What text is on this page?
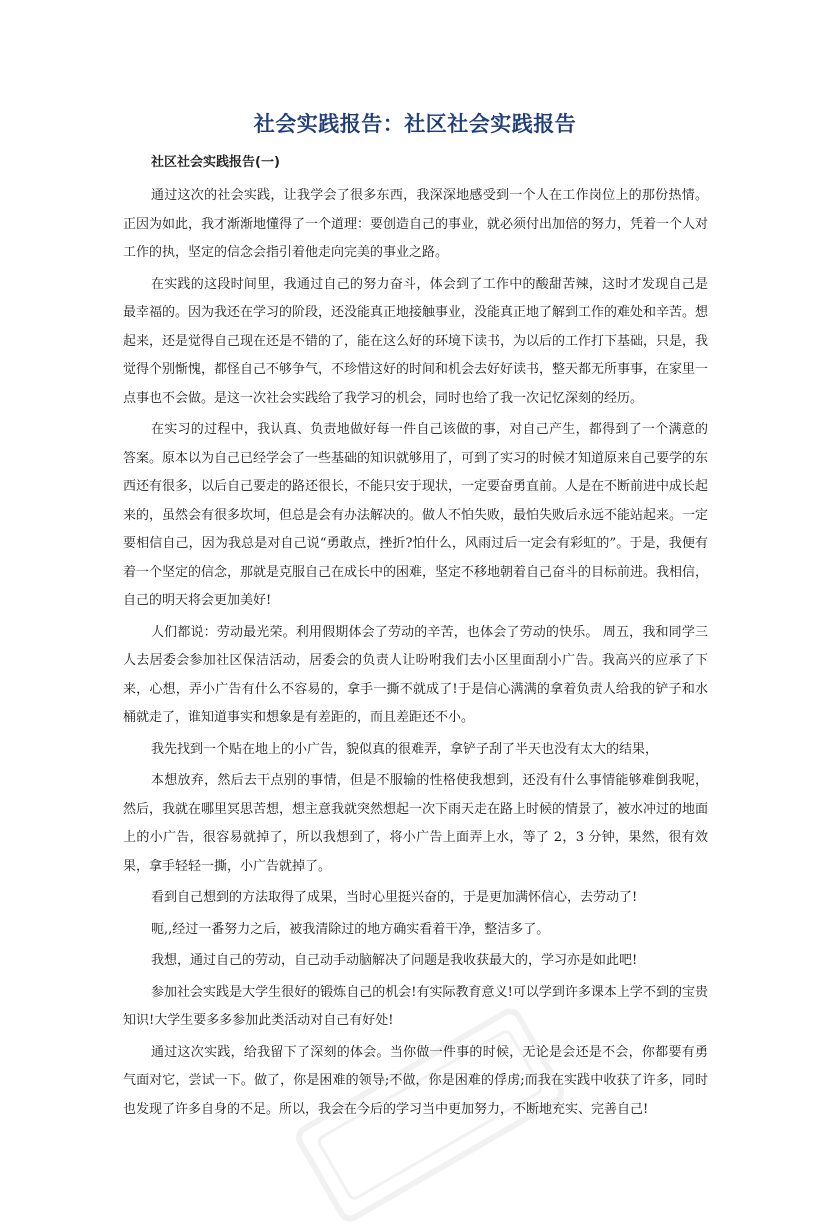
社会实践报告：社区社会实践报告
社区社会实践报告(一)

通过这次的社会实践，让我学会了很多东西，我深深地感受到一个人在工作岗位上的那份热情。正因为如此，我才渐渐地懂得了一个道理：要创造自己的事业，就必须付出加倍的努力，凭着一个人对工作的执，坚定的信念会指引着他走向完美的事业之路。

在实践的这段时间里，我通过自己的努力奋斗，体会到了工作中的酸甜苦辣，这时才发现自己是最幸福的。因为我还在学习的阶段，还没能真正地接触事业，没能真正地了解到工作的难处和辛苦。想起来，还是觉得自己现在还是不错的了，能在这么好的环境下读书，为以后的工作打下基础，只是，我觉得个别惭愧，都怪自己不够争气，不珍惜这好的时间和机会去好好读书，整天都无所事事，在家里一点事也不会做。是这一次社会实践给了我学习的机会，同时也给了我一次记忆深刻的经历。

在实习的过程中，我认真、负责地做好每一件自己该做的事，对自己产生，都得到了一个满意的答案。原本以为自己已经学会了一些基础的知识就够用了，可到了实习的时候才知道原来自己要学的东西还有很多，以后自己要走的路还很长，不能只安于现状，一定要奋勇直前。人是在不断前进中成长起来的，虽然会有很多坎坷，但总是会有办法解决的。做人不怕失败，最怕失败后永远不能站起来。一定要相信自己，因为我总是对自己说“勇敢点，挫折?怕什么，风雨过后一定会有彩虹的”。于是，我便有着一个坚定的信念，那就是克服自己在成长中的困难，坚定不移地朝着自己奋斗的目标前进。我相信，自己的明天将会更加美好!

人们都说：劳动最光荣。利用假期体会了劳动的辛苦，也体会了劳动的快乐。 周五，我和同学三人去居委会参加社区保洁活动，居委会的负责人让吩咐我们去小区里面刮小广告。我高兴的应承了下来，心想，弄小广告有什么不容易的，拿手一撕不就成了!于是信心满满的拿着负责人给我的铲子和水桶就走了，谁知道事实和想象是有差距的，而且差距还不小。

我先找到一个贴在地上的小广告，貌似真的很难弄，拿铲子刮了半天也没有太大的结果，

本想放弃，然后去干点别的事情，但是不服输的性格使我想到，还没有什么事情能够难倒我呢，然后，我就在哪里冥思苦想，想主意我就突然想起一次下雨天走在路上时候的情景了，被水冲过的地面上的小广告，很容易就掉了，所以我想到了，将小广告上面弄上水，等了 2，3 分钟，果然，很有效果，拿手轻轻一撕，小广告就掉了。

看到自己想到的方法取得了成果，当时心里挺兴奋的，于是更加满怀信心，去劳动了!

呃,,经过一番努力之后，被我清除过的地方确实看着干净，整洁多了。

我想，通过自己的劳动，自己动手动脑解决了问题是我收获最大的，学习亦是如此吧!

参加社会实践是大学生很好的锻炼自己的机会!有实际教育意义!可以学到许多课本上学不到的宝贵知识!大学生要多多参加此类活动对自己有好处!

通过这次实践，给我留下了深刻的体会。当你做一件事的时候，无论是会还是不会，你都要有勇气面对它，尝试一下。做了，你是困难的领导;不做，你是困难的俘虏;而我在实践中收获了许多，同时也发现了许多自身的不足。所以，我会在今后的学习当中更加努力，不断地充实、完善自己!
